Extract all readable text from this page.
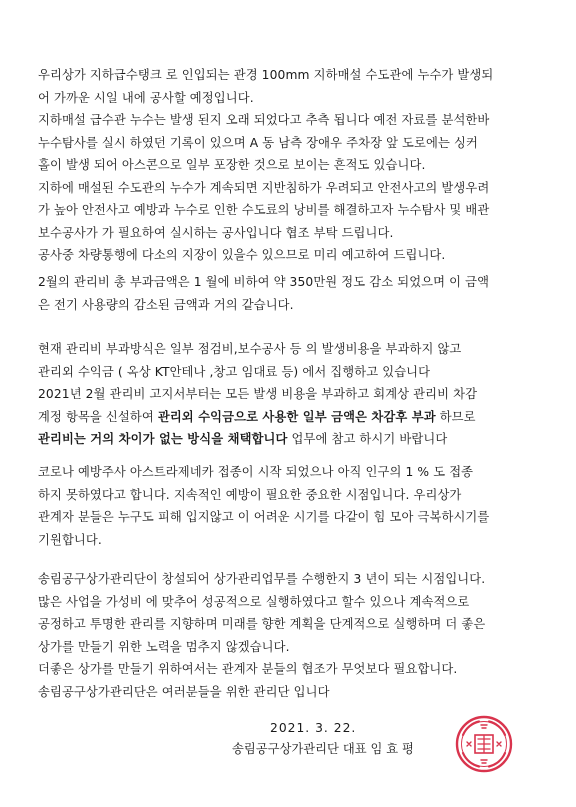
우리상가 지하급수탱크 로 인입되는 관경 100mm 지하매설 수도관에 누수가 발생되
어 가까운 시일 내에 공사할 예정입니다.
지하매설 급수관 누수는 발생 된지 오래 되었다고 추측 됩니다 예전 자료를 분석한바
누수탐사를 실시 하였던 기록이 있으며 A 동 남측 장애우 주차장 앞 도로에는 싱커
홀이 발생 되어 아스콘으로 일부 포장한 것으로 보이는 흔적도 있습니다.
지하에 매설된 수도관의 누수가 계속되면 지반침하가 우려되고 안전사고의 발생우려
가 높아 안전사고 예방과 누수로 인한 수도료의 낭비를 해결하고자 누수탐사 및 배관
보수공사가 가 필요하여 실시하는 공사입니다 협조 부탁 드립니다.
공사중 차량통행에 다소의 지장이 있을수 있으므로 미리 예고하여 드립니다.
2월의 관리비 총 부과금액은 1 월에 비하여 약 350만원 정도 감소 되었으며 이 금액
은 전기 사용량의 감소된 금액과 거의 같습니다.
현재 관리비 부과방식은 일부 점검비,보수공사 등 의 발생비용을 부과하지 않고
관리외 수익금 ( 옥상 KT안테나 ,창고 임대료 등) 에서 집행하고 있습니다
2021년 2월 관리비 고지서부터는 모든 발생 비용을 부과하고 회계상 관리비 차감
계정 항목을 신설하여 관리외 수익금으로 사용한 일부 금액은 차감후 부과 하므로
관리비는 거의 차이가 없는 방식을 채택합니다 업무에 참고 하시기 바랍니다
코로나 예방주사 아스트라제네카 접종이 시작 되었으나 아직 인구의 1 % 도 접종
하지 못하였다고 합니다. 지속적인 예방이 필요한 중요한 시점입니다. 우리상가
관계자 분들은 누구도 피해 입지않고 이 어려운 시기를 다같이 힘 모아 극복하시기를
기원합니다.
송림공구상가관리단이 창설되어 상가관리업무를 수행한지 3 년이 되는 시점입니다.
많은 사업을 가성비 에 맞추어 성공적으로 실행하였다고 할수 있으나 계속적으로
공정하고 투명한 관리를 지향하며 미래를 향한 계획을 단계적으로 실행하며 더 좋은
상가를 만들기 위한 노력을 멈추지 않겠습니다.
더좋은 상가를 만들기 위하여서는 관계자 분들의 협조가 무엇보다 필요합니다.
송림공구상가관리단은 여러분들을 위한 관리단 입니다
2021. 3. 22.
송림공구상가관리단 대표 임 효 평
